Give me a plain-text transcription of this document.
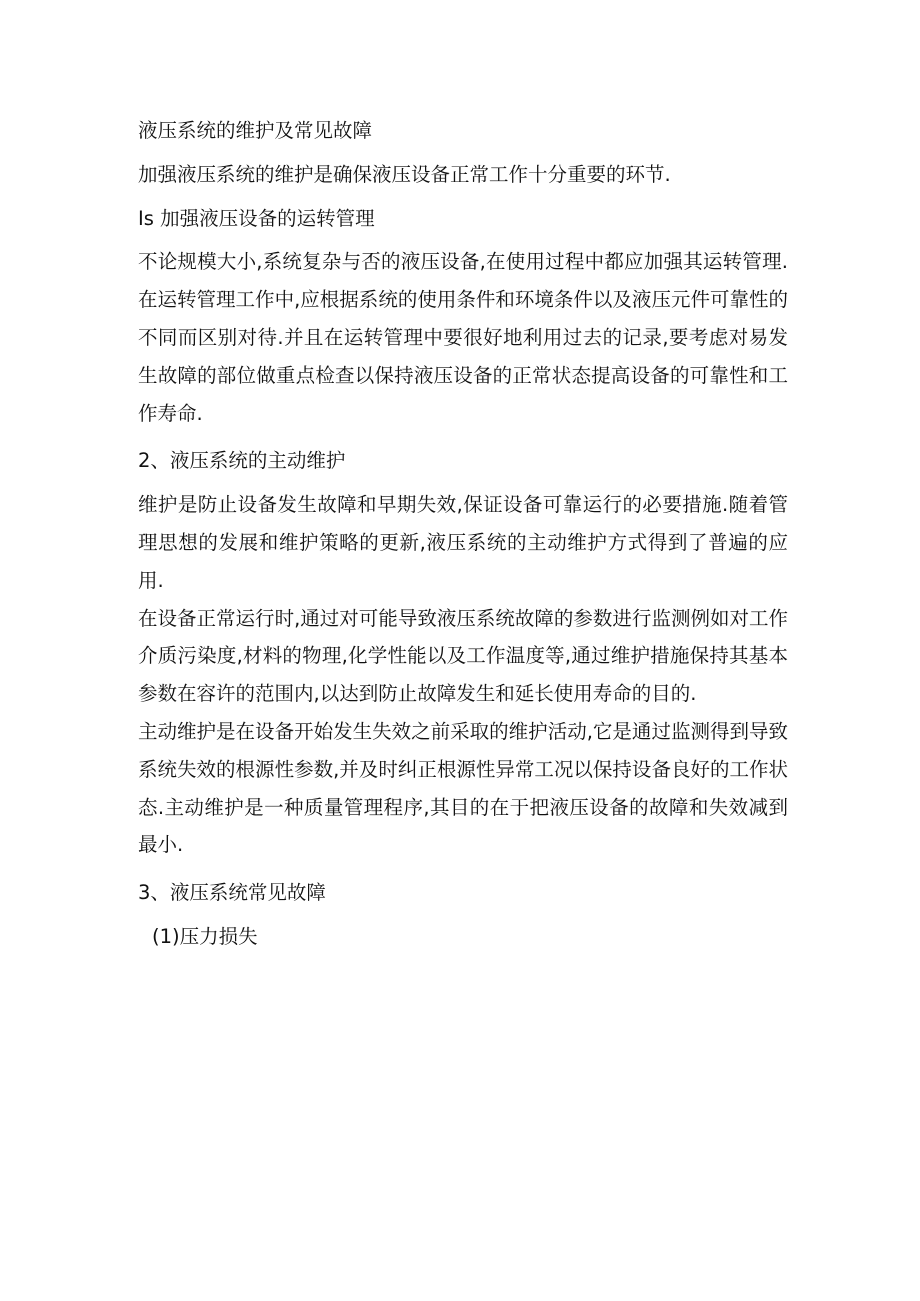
液压系统的维护及常见故障

加强液压系统的维护是确保液压设备正常工作十分重要的环节.

Is 加强液压设备的运转管理

不论规模大小,系统复杂与否的液压设备,在使用过程中都应加强其运转管理.在运转管理工作中,应根据系统的使用条件和环境条件以及液压元件可靠性的不同而区别对待.并且在运转管理中要很好地利用过去的记录,要考虑对易发生故障的部位做重点检查以保持液压设备的正常状态提高设备的可靠性和工作寿命.

2、液压系统的主动维护

维护是防止设备发生故障和早期失效,保证设备可靠运行的必要措施.随着管理思想的发展和维护策略的更新,液压系统的主动维护方式得到了普遍的应用.

在设备正常运行时,通过对可能导致液压系统故障的参数进行监测例如对工作介质污染度,材料的物理,化学性能以及工作温度等,通过维护措施保持其基本参数在容许的范围内,以达到防止故障发生和延长使用寿命的目的.

主动维护是在设备开始发生失效之前采取的维护活动,它是通过监测得到导致系统失效的根源性参数,并及时纠正根源性异常工况以保持设备良好的工作状态.主动维护是一种质量管理程序,其目的在于把液压设备的故障和失效减到最小.

3、液压系统常见故障

(1)压力损失
